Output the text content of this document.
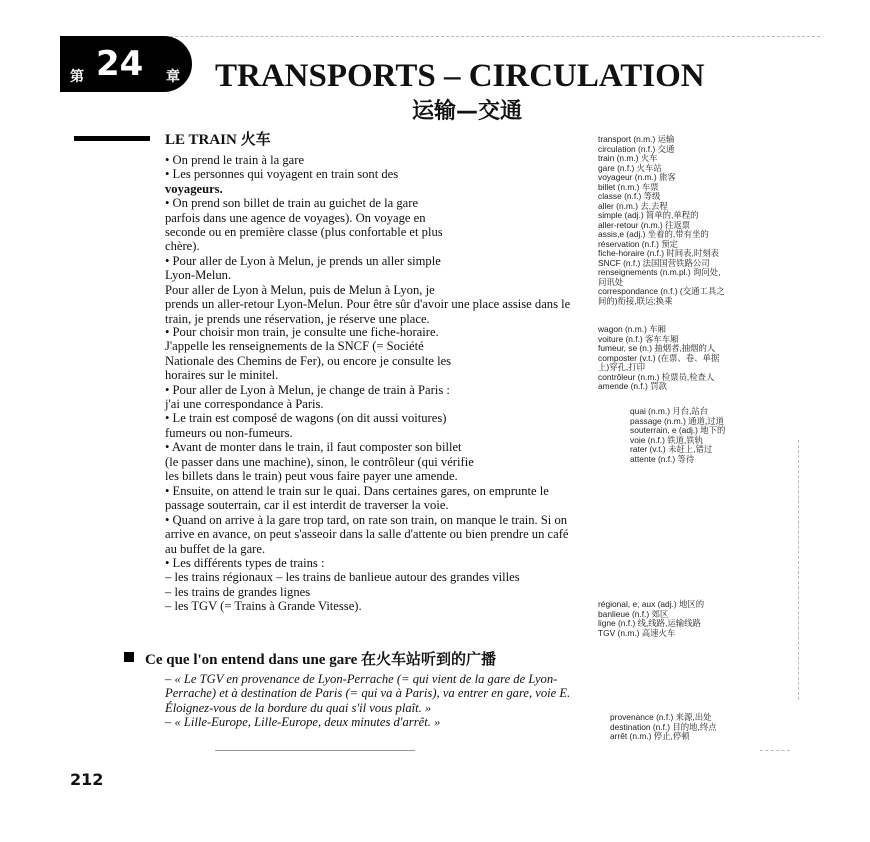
第 24 章 TRANSPORTS – CIRCULATION
运输—交通
LE TRAIN 火车

• On prend le train à la gare

• Les personnes qui voyagent en train sont des

voyageurs.

• On prend son billet de train au guichet de la gare

parfois dans une agence de voyages). On voyage en

seconde ou en première classe (plus confortable et plus

chère).

• Pour aller de Lyon à Melun, je prends un aller simple

Lyon-Melun.

Pour aller de Lyon à Melun, puis de Melun à Lyon, je

prends un aller-retour Lyon-Melun. Pour être sûr d'avoir une place assise dans le

train, je prends une réservation, je réserve une place.

• Pour choisir mon train, je consulte une fiche-horaire.

J'appelle les renseignements de la SNCF (= Société

Nationale des Chemins de Fer), ou encore je consulte les

horaires sur le minitel.

• Pour aller de Lyon à Melun, je change de train à Paris :

j'ai une correspondance à Paris.

• Le train est composé de wagons (on dit aussi voitures)

fumeurs ou non-fumeurs.

• Avant de monter dans le train, il faut composter son billet

(le passer dans une machine), sinon, le contrôleur (qui vérifie

les billets dans le train) peut vous faire payer une amende.

• Ensuite, on attend le train sur le quai. Dans certaines gares, on emprunte le

passage souterrain, car il est interdit de traverser la voie.

• Quand on arrive à la gare trop tard, on rate son train, on manque le train. Si on

arrive en avance, on peut s'asseoir dans la salle d'attente ou bien prendre un café

au buffet de la gare.

• Les différents types de trains :

– les trains régionaux – les trains de banlieue autour des grandes villes

– les trains de grandes lignes

– les TGV (= Trains à Grande Vitesse).

transport (n.m.) 运输
circulation (n.f.) 交通
train (n.m.) 火车
gare (n.f.) 火车站
voyageur (n.m.) 旅客
billet (n.m.) 车票
classe (n.f.) 等级
aller (n.m.) 去,去程
simple (adj.) 简单的,单程的
aller-retour (n.m.) 往返票
assis,e (adj.) 坐着的,带有坐的
réservation (n.f.) 预定
fiche-horaire (n.f.) 时间表,时刻表
SNCF (n.f.) 法国国营铁路公司
renseignements (n.m.pl.) 询问处,
问讯处
correspondance (n.f.) (交通工具之
间的)衔接,联运;换乘
wagon (n.m.) 车厢
voiture (n.f.) 客车车厢
fumeur, se (n.) 抽烟者,抽烟的人
composter (v.t.) (在票、卷、单据
上)穿孔,打印
contrôleur (n.m.) 检票员,检查人
amende (n.f.) 罚款
quai (n.m.) 月台,站台
passage (n.m.) 通道,过道
souterrain, e (adj.) 地下的
voie (n.f.) 铁道,铁轨
rater (v.t.) 未赶上,错过
attente (n.f.) 等待
régional, e, aux (adj.) 地区的
banlieue (n.f.) 郊区
ligne (n.f.) 线,线路,运输线路
TGV (n.m.) 高速火车
Ce que l'on entend dans une gare 在火车站听到的广播

– « Le TGV en provenance de Lyon-Perrache (= qui vient de la gare de Lyon-

Perrache) et à destination de Paris (= qui va à Paris), va entrer en gare, voie E.

Éloignez-vous de la bordure du quai s'il vous plaît. »

– « Lille-Europe, Lille-Europe, deux minutes d'arrêt. »	provenance (n.f.) 来源,出处
destination (n.f.) 目的地,终点
arrêt (n.m.) 停止,停顿
212
